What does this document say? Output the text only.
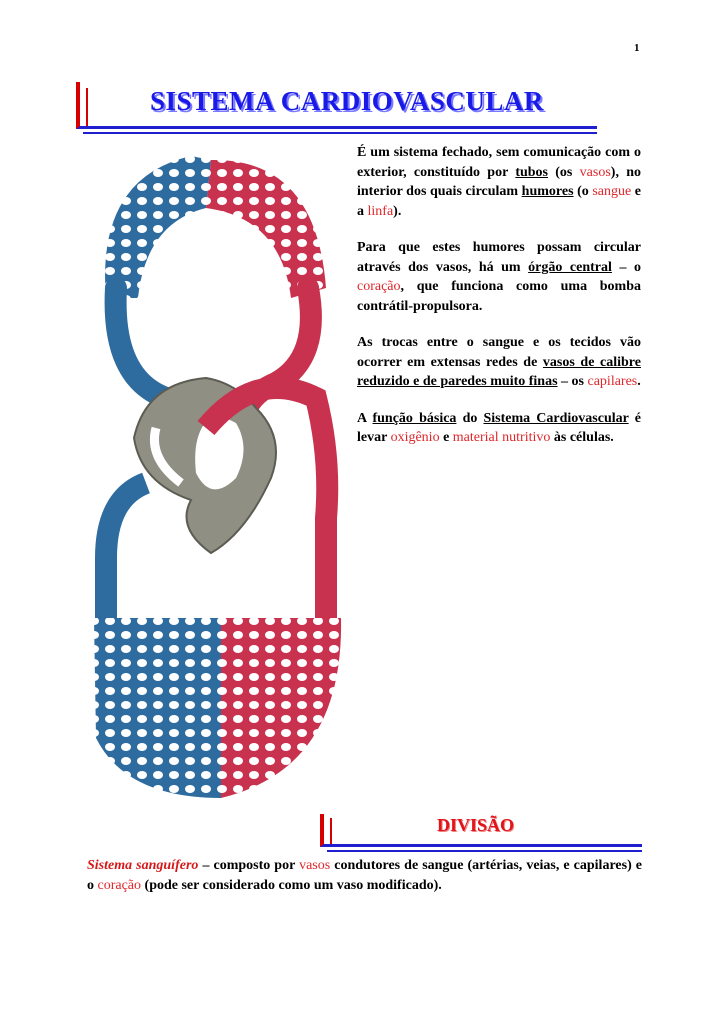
1
SISTEMA CARDIOVASCULAR

É um sistema fechado, sem comunicação com o exterior, constituído por tubos (os vasos), no interior dos quais circulam humores (o sangue e a linfa).

Para que estes humores possam circular através dos vasos, há um órgão central – o coração, que funciona como uma bomba contrátil-propulsora.

As trocas entre o sangue e os tecidos vão ocorrer em extensas redes de vasos de calibre reduzido e de paredes muito finas – os capilares.

A função básica do Sistema Cardiovascular é levar oxigênio e material nutritivo às células.

DIVISÃO
Sistema sanguífero – composto por vasos condutores de sangue (artérias, veias, e capilares) e o coração (pode ser considerado como um vaso modificado).
